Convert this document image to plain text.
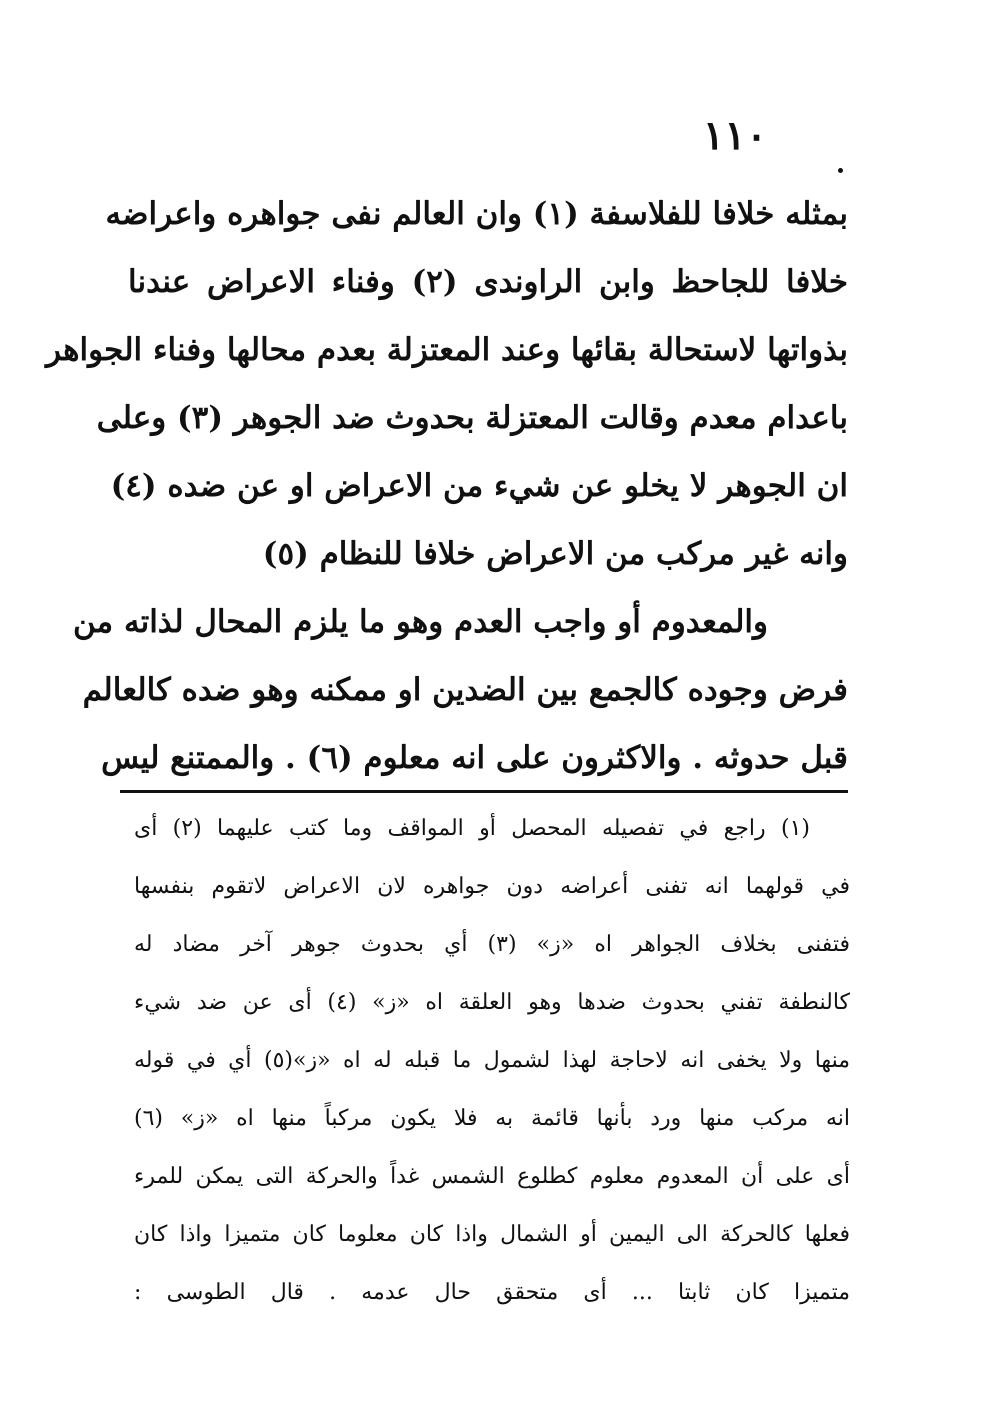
١١٠
بمثله خلافا للفلاسفة (١) وان العالم نفى جواهره واعراضه
خلافا للجاحظ وابن الراوندى (٢) وفناء الاعراض عندنا
بذواتها لاستحالة بقائها وعند المعتزلة بعدم محالها وفناء الجواهر
باعدام معدم وقالت المعتزلة بحدوث ضد الجوهر (٣) وعلى
ان الجوهر لا يخلو عن شيء من الاعراض او عن ضده (٤)
وانه غير مركب من الاعراض خلافا للنظام (٥)
والمعدوم أو واجب العدم وهو ما يلزم المحال لذاته من
فرض وجوده كالجمع بين الضدين او ممكنه وهو ضده كالعالم
قبل حدوثه . والاكثرون على انه معلوم (٦) . والممتنع ليس
(١) راجع في تفصيله المحصل أو المواقف وما كتب عليهما (٢) أى
في قولهما انه تفنى أعراضه دون جواهره لان الاعراض لاتقوم بنفسها
فتفنى بخلاف الجواهر اه «ز» (٣) أي بحدوث جوهر آخر مضاد له
كالنطفة تفني بحدوث ضدها وهو العلقة اه «ز» (٤) أى عن ضد شيء
منها ولا يخفى انه لاحاجة لهذا لشمول ما قبله له اه «ز»(٥) أي في قوله
انه مركب منها ورد بأنها قائمة به فلا يكون مركباً منها اه «ز» (٦)
أى على أن المعدوم معلوم كطلوع الشمس غداً والحركة التى يمكن للمرء
فعلها كالحركة الى اليمين أو الشمال واذا كان معلوما كان متميزا واذا كان
متميزا كان ثابتا ... أى متحقق حال عدمه . قال الطوسى :
